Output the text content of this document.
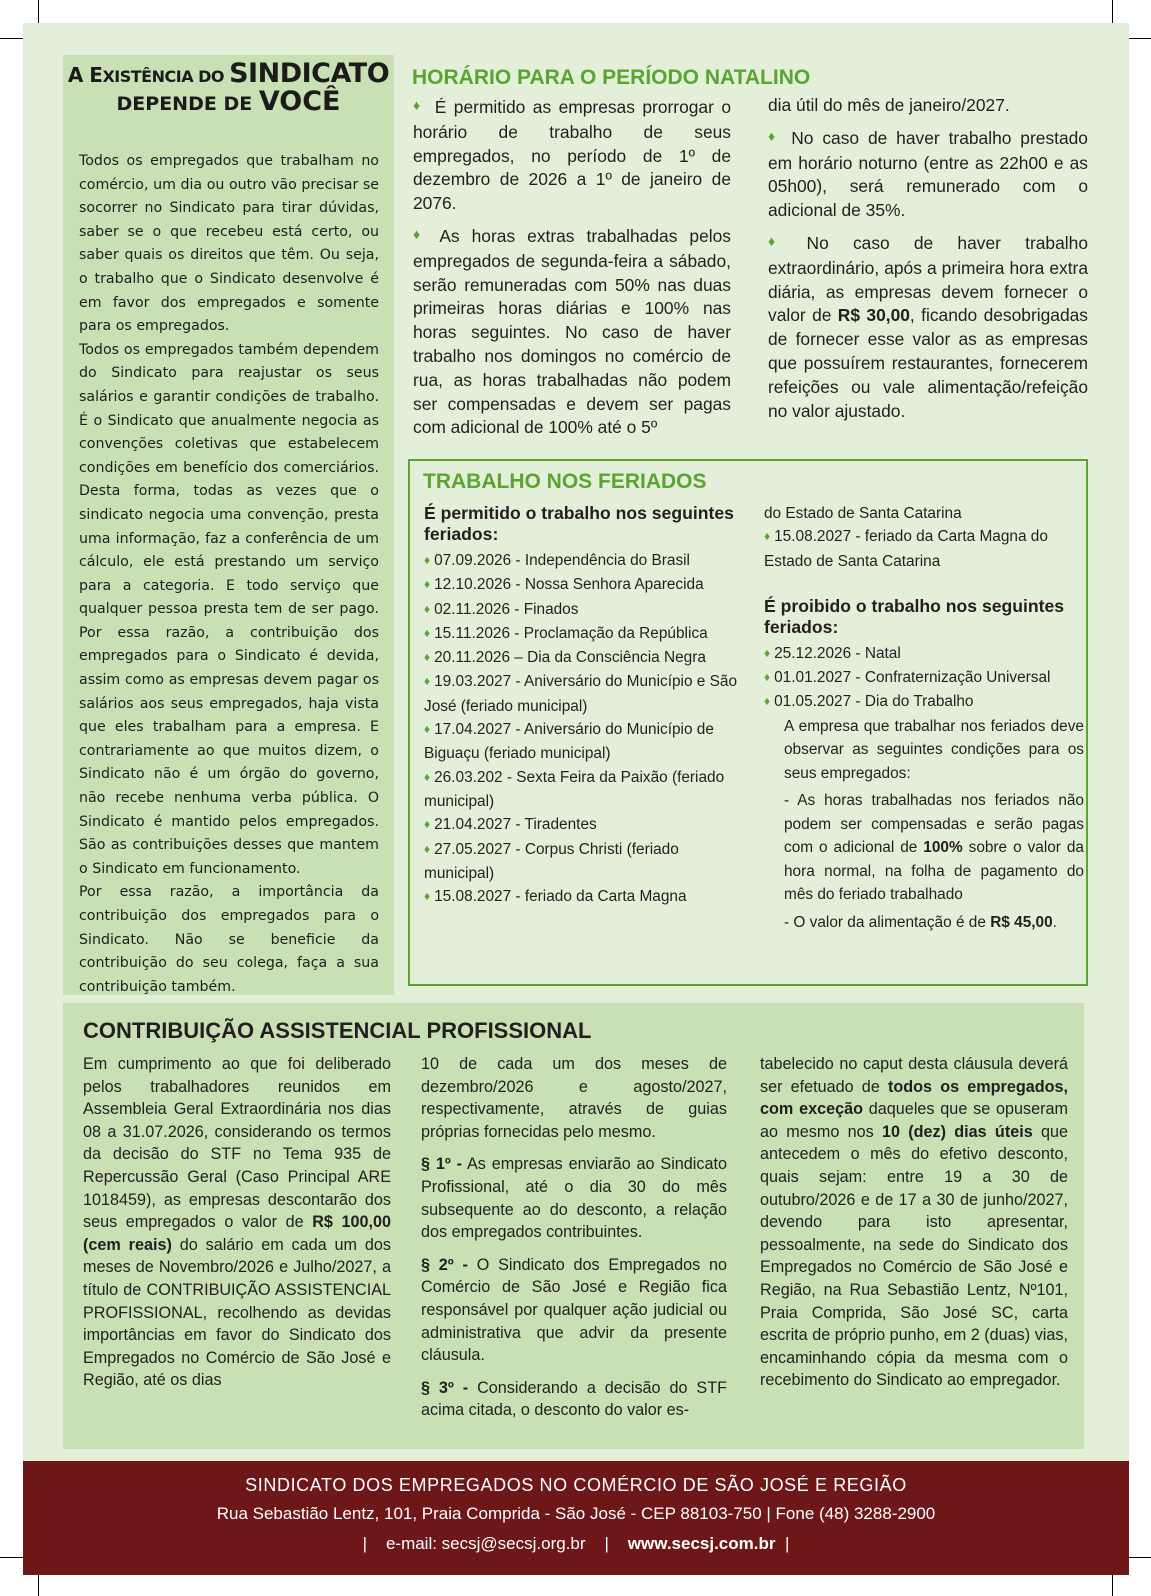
A EXISTÊNCIA DO SINDICATO
DEPENDE DE VOCÊ

Todos os empregados que trabalham no comércio, um dia ou outro vão precisar se socorrer no Sindicato para tirar dúvidas, saber se o que recebeu está certo, ou saber quais os direitos que têm. Ou seja, o trabalho que o Sindicato desenvolve é em favor dos empregados e somente para os empregados.

Todos os empregados também dependem do Sindicato para reajustar os seus salários e garantir condições de trabalho. É o Sindicato que anualmente negocia as convenções coletivas que estabelecem condições em benefício dos comerciários. Desta forma, todas as vezes que o sindicato negocia uma convenção, presta uma informação, faz a conferência de um cálculo, ele está prestando um serviço para a categoria. E todo serviço que qualquer pessoa presta tem de ser pago. Por essa razão, a contribuição dos empregados para o Sindicato é devida, assim como as empresas devem pagar os salários aos seus empregados, haja vista que eles trabalham para a empresa. E contrariamente ao que muitos dizem, o Sindicato não é um órgão do governo, não recebe nenhuma verba pública. O Sindicato é mantido pelos empregados. São as contribuições desses que mantem o Sindicato em funcionamento.

Por essa razão, a importância da contribuição dos empregados para o Sindicato. Não se beneficie da contribuição do seu colega, faça a sua contribuição também.

HORÁRIO PARA O PERÍODO NATALINO

♦ É permitido as empresas prorrogar o horário de trabalho de seus empregados, no período de 1º de dezembro de 2026 a 1º de janeiro de 2076.

♦ As horas extras trabalhadas pelos empregados de segunda-feira a sábado, serão remuneradas com 50% nas duas primeiras horas diárias e 100% nas horas seguintes. No caso de haver trabalho nos domingos no comércio de rua, as horas trabalhadas não podem ser compensadas e devem ser pagas com adicional de 100% até o 5º

dia útil do mês de janeiro/2027.

♦ No caso de haver trabalho prestado em horário noturno (entre as 22h00 e as 05h00), será remunerado com o adicional de 35%.

♦ No caso de haver trabalho extraordinário, após a primeira hora extra diária, as empresas devem fornecer o valor de R$ 30,00, ficando desobrigadas de fornecer esse valor as as empresas que possuírem restaurantes, fornecerem refeições ou vale alimentação/refeição no valor ajustado.

TRABALHO NOS FERIADOS
É permitido o trabalho nos seguintes feriados:

♦ 07.09.2026 - Independência do Brasil

♦ 12.10.2026 - Nossa Senhora Aparecida

♦ 02.11.2026 - Finados

♦ 15.11.2026 - Proclamação da República

♦ 20.11.2026 – Dia da Consciência Negra

♦ 19.03.2027 - Aniversário do Município e São José (feriado municipal)

♦ 17.04.2027 - Aniversário do Município de Biguaçu (feriado municipal)

♦ 26.03.202 - Sexta Feira da Paixão (feriado municipal)

♦ 21.04.2027 - Tiradentes

♦ 27.05.2027 - Corpus Christi (feriado municipal)

♦ 15.08.2027 - feriado da Carta Magna

do Estado de Santa Catarina

♦ 15.08.2027 - feriado da Carta Magna do Estado de Santa Catarina

É proibido o trabalho nos seguintes feriados:

♦ 25.12.2026 - Natal

♦ 01.01.2027 - Confraternização Universal

♦ 01.05.2027 - Dia do Trabalho

A empresa que trabalhar nos feriados deve observar as seguintes condições para os seus empregados:

- As horas trabalhadas nos feriados não podem ser compensadas e serão pagas com o adicional de 100% sobre o valor da hora normal, na folha de pagamento do mês do feriado trabalhado

- O valor da alimentação é de R$ 45,00.

CONTRIBUIÇÃO ASSISTENCIAL PROFISSIONAL

Em cumprimento ao que foi deliberado pelos trabalhadores reunidos em Assembleia Geral Extraordinária nos dias 08 a 31.07.2026, considerando os termos da decisão do STF no Tema 935 de Repercussão Geral (Caso Principal ARE 1018459), as empresas descontarão dos seus empregados o valor de R$ 100,00 (cem reais) do salário em cada um dos meses de Novembro/2026 e Julho/2027, a título de CONTRIBUIÇÃO ASSISTENCIAL PROFISSIONAL, recolhendo as devidas importâncias em favor do Sindicato dos Empregados no Comércio de São José e Região, até os dias

10 de cada um dos meses de dezembro/2026 e agosto/2027, respectivamente, através de guias próprias fornecidas pelo mesmo.

§ 1º - As empresas enviarão ao Sindicato Profissional, até o dia 30 do mês subsequente ao do desconto, a relação dos empregados contribuintes.

§ 2º - O Sindicato dos Empregados no Comércio de São José e Região fica responsável por qualquer ação judicial ou administrativa que advir da presente cláusula.

§ 3º - Considerando a decisão do STF acima citada, o desconto do valor es-

tabelecido no caput desta cláusula deverá ser efetuado de todos os empregados, com exceção daqueles que se opuseram ao mesmo nos 10 (dez) dias úteis que antecedem o mês do efetivo desconto, quais sejam: entre 19 a 30 de outubro/2026 e de 17 a 30 de junho/2027, devendo para isto apresentar, pessoalmente, na sede do Sindicato dos Empregados no Comércio de São José e Região, na Rua Sebastião Lentz, Nº101, Praia Comprida, São José SC, carta escrita de próprio punho, em 2 (duas) vias, encaminhando cópia da mesma com o recebimento do Sindicato ao empregador.

SINDICATO DOS EMPREGADOS NO COMÉRCIO DE SÃO JOSÉ E REGIÃO
Rua Sebastião Lentz, 101, Praia Comprida - São José - CEP 88103-750 | Fone (48) 3288-2900
| e-mail: secsj@secsj.org.br | www.secsj.com.br |
